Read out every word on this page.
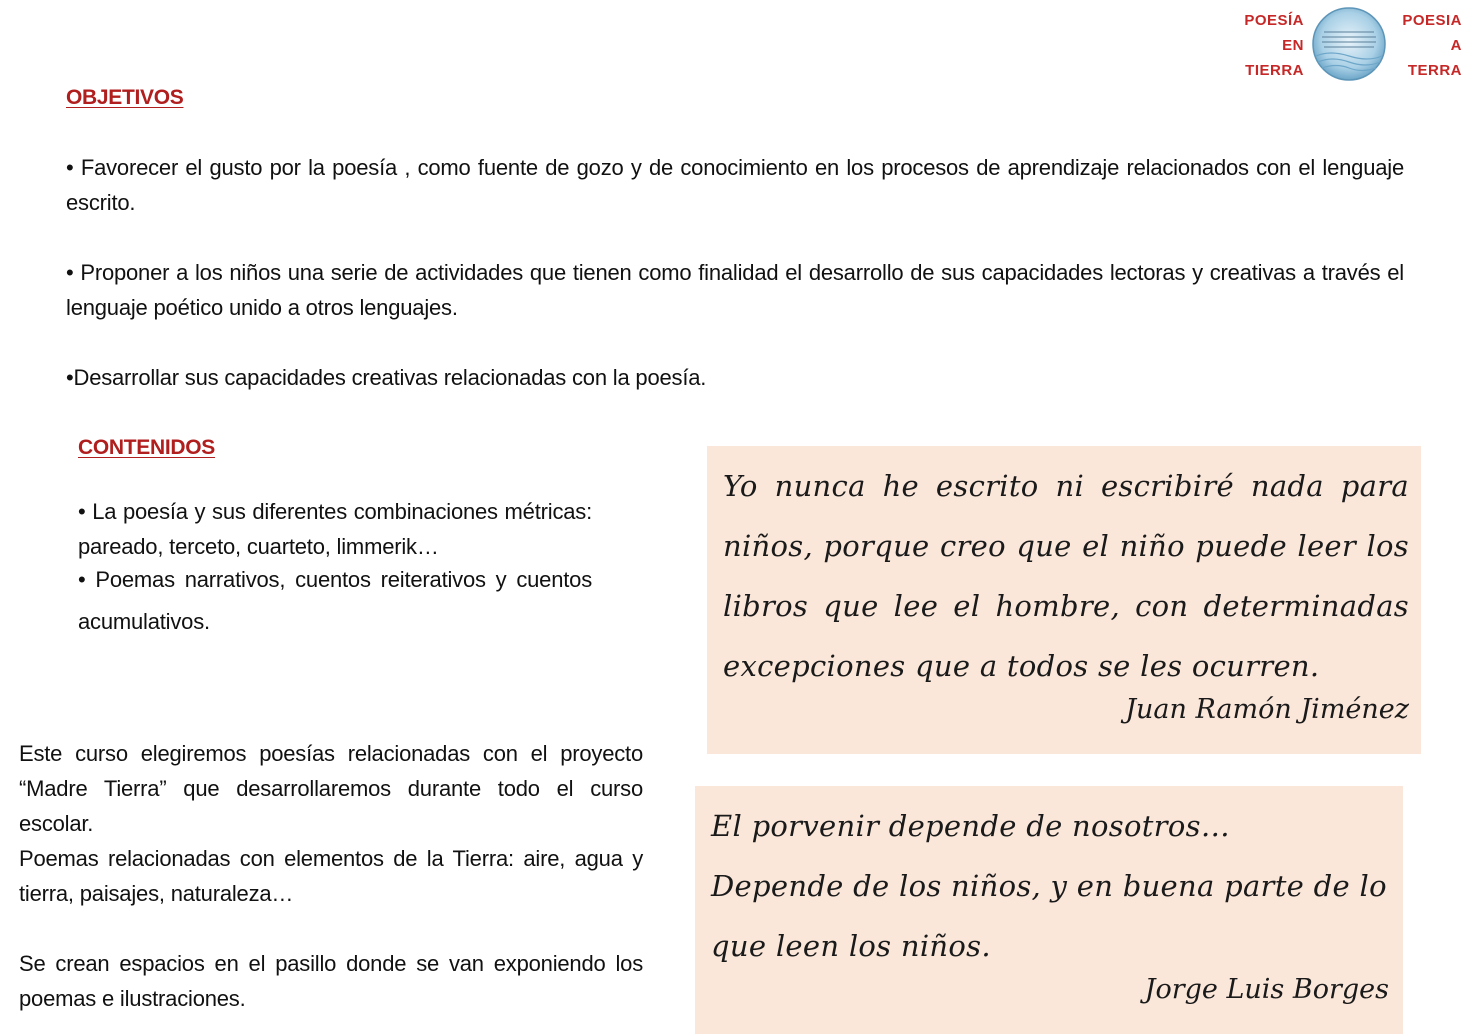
POESÍA
EN
TIERRA
POESIA
A
TERRA
OBJETIVOS

• Favorecer el gusto por la poesía , como fuente de gozo y de conocimiento en los procesos de aprendizaje relacionados con el lenguaje escrito.

• Proponer a los niños una serie de actividades que tienen como finalidad el desarrollo de sus capacidades lectoras y creativas a través el lenguaje poético unido a otros lenguajes.

•Desarrollar sus capacidades creativas relacionadas con la poesía.

CONTENIDOS

• La poesía y sus diferentes combinaciones métricas: pareado, terceto, cuarteto, limmerik…

• Poemas narrativos, cuentos reiterativos y cuentos acumulativos.

Este curso elegiremos poesías relacionadas con el proyecto “Madre Tierra” que desarrollaremos durante todo el curso escolar.

Poemas relacionadas con elementos de la Tierra: aire, agua y tierra, paisajes, naturaleza…

Se crean espacios en el pasillo donde se van exponiendo los poemas e ilustraciones.

Yo nunca he escrito ni escribiré nada para niños, porque creo que el niño puede leer los libros que lee el hombre, con determinadas excepciones que a todos se les ocurren.

Juan Ramón Jiménez

El porvenir depende de nosotros…

Depende de los niños, y en buena parte de lo

que leen los niños.

Jorge Luis Borges
